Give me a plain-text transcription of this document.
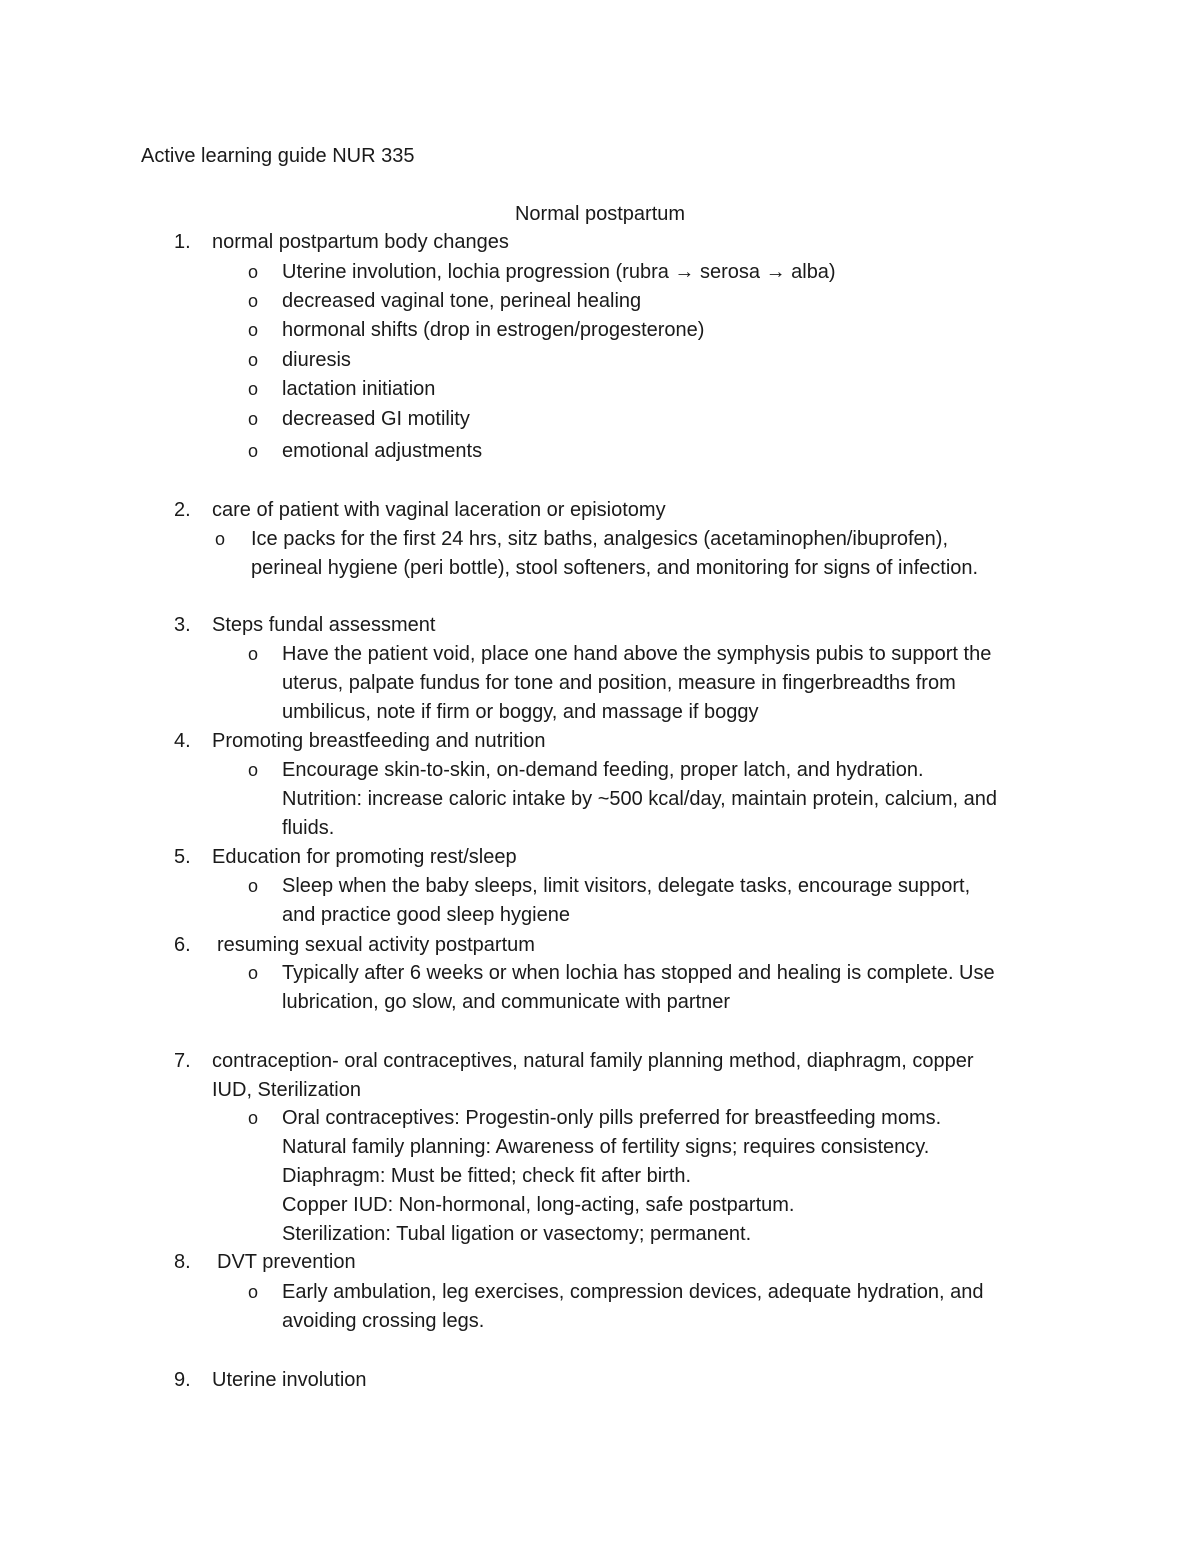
Active learning guide NUR 335
Normal postpartum
1. normal postpartum body changes
o Uterine involution, lochia progression (rubra → serosa → alba)
o decreased vaginal tone, perineal healing
o hormonal shifts (drop in estrogen/progesterone)
o diuresis
o lactation initiation
o decreased GI motility
o emotional adjustments
2. care of patient with vaginal laceration or episiotomy
o Ice packs for the first 24 hrs, sitz baths, analgesics (acetaminophen/ibuprofen),
perineal hygiene (peri bottle), stool softeners, and monitoring for signs of infection.
3. Steps fundal assessment
o Have the patient void, place one hand above the symphysis pubis to support the
uterus, palpate fundus for tone and position, measure in fingerbreadths from
umbilicus, note if firm or boggy, and massage if boggy
4. Promoting breastfeeding and nutrition
o Encourage skin-to-skin, on-demand feeding, proper latch, and hydration.
Nutrition: increase caloric intake by ~500 kcal/day, maintain protein, calcium, and
fluids.
5. Education for promoting rest/sleep
o Sleep when the baby sleeps, limit visitors, delegate tasks, encourage support,
and practice good sleep hygiene
6. resuming sexual activity postpartum
o Typically after 6 weeks or when lochia has stopped and healing is complete. Use
lubrication, go slow, and communicate with partner
7. contraception- oral contraceptives, natural family planning method, diaphragm, copper
IUD, Sterilization
o Oral contraceptives: Progestin-only pills preferred for breastfeeding moms.
Natural family planning: Awareness of fertility signs; requires consistency.
Diaphragm: Must be fitted; check fit after birth.
Copper IUD: Non-hormonal, long-acting, safe postpartum.
Sterilization: Tubal ligation or vasectomy; permanent.
8. DVT prevention
o Early ambulation, leg exercises, compression devices, adequate hydration, and
avoiding crossing legs.
9. Uterine involution
